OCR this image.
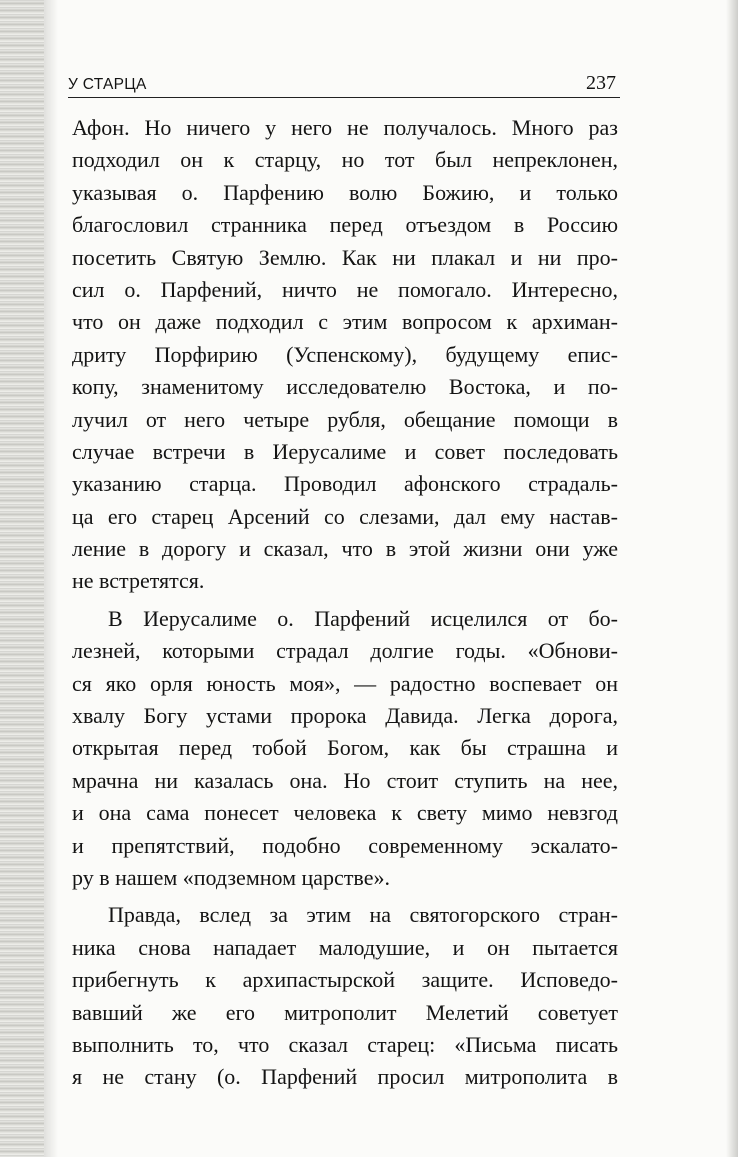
У СТАРЦА	237
Афон. Но ничего у него не получалось. Много раз
подходил он к старцу, но тот был непреклонен,
указывая о. Парфению волю Божию, и только
благословил странника перед отъездом в Россию
посетить Святую Землю. Как ни плакал и ни про-
сил о. Парфений, ничто не помогало. Интересно,
что он даже подходил с этим вопросом к архиман-
дриту Порфирию (Успенскому), будущему епис-
копу, знаменитому исследователю Востока, и по-
лучил от него четыре рубля, обещание помощи в
случае встречи в Иерусалиме и совет последовать
указанию старца. Проводил афонского страдаль-
ца его старец Арсений со слезами, дал ему настав-
ление в дорогу и сказал, что в этой жизни они уже
не встретятся.
В Иерусалиме о. Парфений исцелился от бо-
лезней, которыми страдал долгие годы. «Обнови-
ся яко орля юность моя», — радостно воспевает он
хвалу Богу устами пророка Давида. Легка дорога,
открытая перед тобой Богом, как бы страшна и
мрачна ни казалась она. Но стоит ступить на нее,
и она сама понесет человека к свету мимо невзгод
и препятствий, подобно современному эскалато-
ру в нашем «подземном царстве».
Правда, вслед за этим на святогорского стран-
ника снова нападает малодушие, и он пытается
прибегнуть к архипастырской защите. Исповедо-
вавший же его митрополит Мелетий советует
выполнить то, что сказал старец: «Письма писать
я не стану (о. Парфений просил митрополита в
